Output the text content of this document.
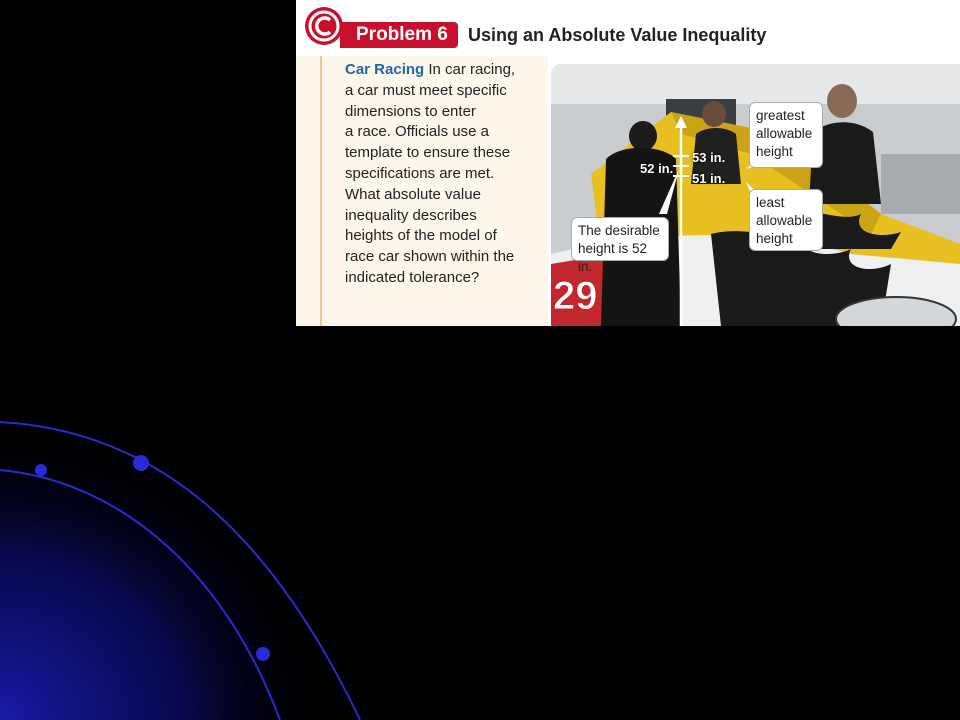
Problem 6 Using an Absolute Value Inequality
Car Racing In car racing,
a car must meet specific
dimensions to enter
a race. Officials use a
template to ensure these
specifications are met.
What absolute value
inequality describes
heights of the model of
race car shown within the
indicated tolerance?	29
greatest
allowable
height
least
allowable
height
The desirable
height is 52 in.
53 in.
52 in.
51 in.
